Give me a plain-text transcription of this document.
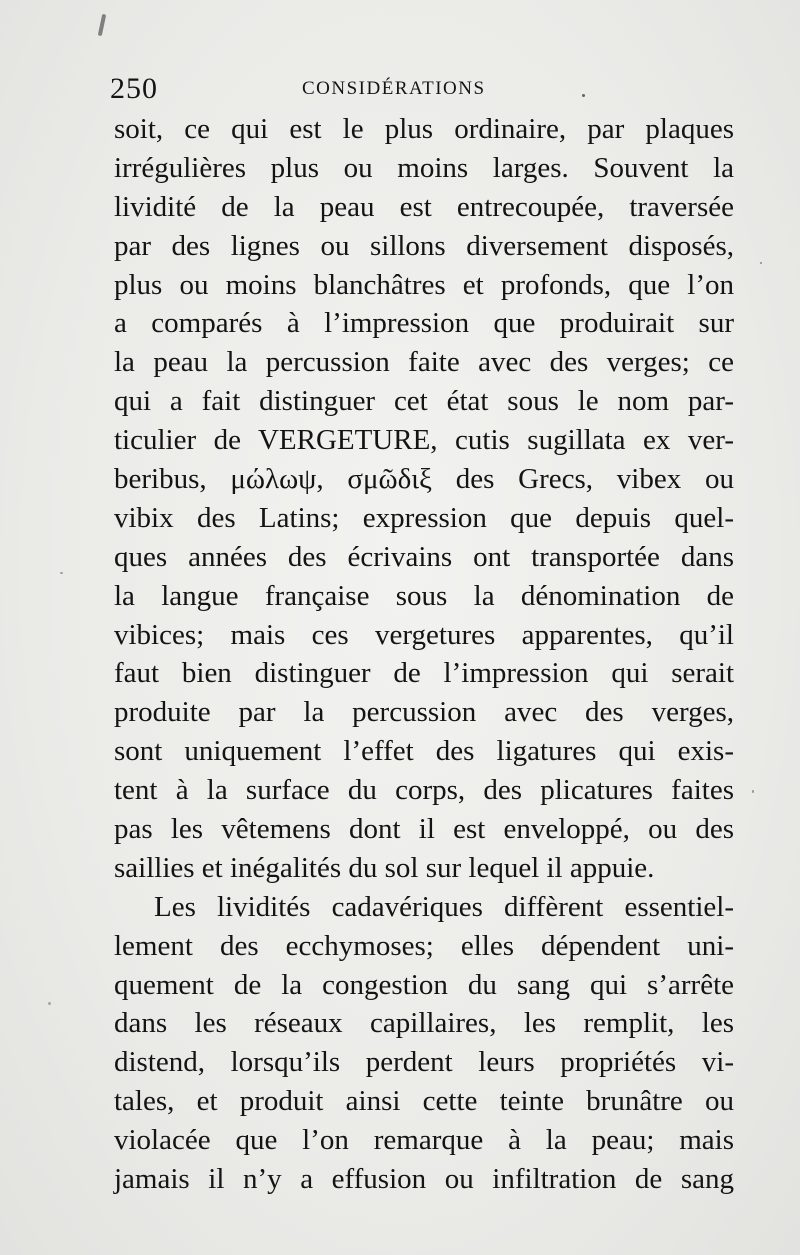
250	CONSIDÉRATIONS
soit, ce qui est le plus ordinaire, par plaques
irrégulières plus ou moins larges. Souvent la
lividité de la peau est entrecoupée, traversée
par des lignes ou sillons diversement disposés,
plus ou moins blanchâtres et profonds, que l’on
a comparés à l’impression que produirait sur
la peau la percussion faite avec des verges; ce
qui a fait distinguer cet état sous le nom par-
ticulier de VERGETURE, cutis sugillata ex ver-
beribus, μώλωψ, σμῶδιξ des Grecs, vibex ou
vibix des Latins; expression que depuis quel-
ques années des écrivains ont transportée dans
la langue française sous la dénomination de
vibices; mais ces vergetures apparentes, qu’il
faut bien distinguer de l’impression qui serait
produite par la percussion avec des verges,
sont uniquement l’effet des ligatures qui exis-
tent à la surface du corps, des plicatures faites
pas les vêtemens dont il est enveloppé, ou des
saillies et inégalités du sol sur lequel il appuie.
Les lividités cadavériques diffèrent essentiel-
lement des ecchymoses; elles dépendent uni-
quement de la congestion du sang qui s’arrête
dans les réseaux capillaires, les remplit, les
distend, lorsqu’ils perdent leurs propriétés vi-
tales, et produit ainsi cette teinte brunâtre ou
violacée que l’on remarque à la peau; mais
jamais il n’y a effusion ou infiltration de sang
